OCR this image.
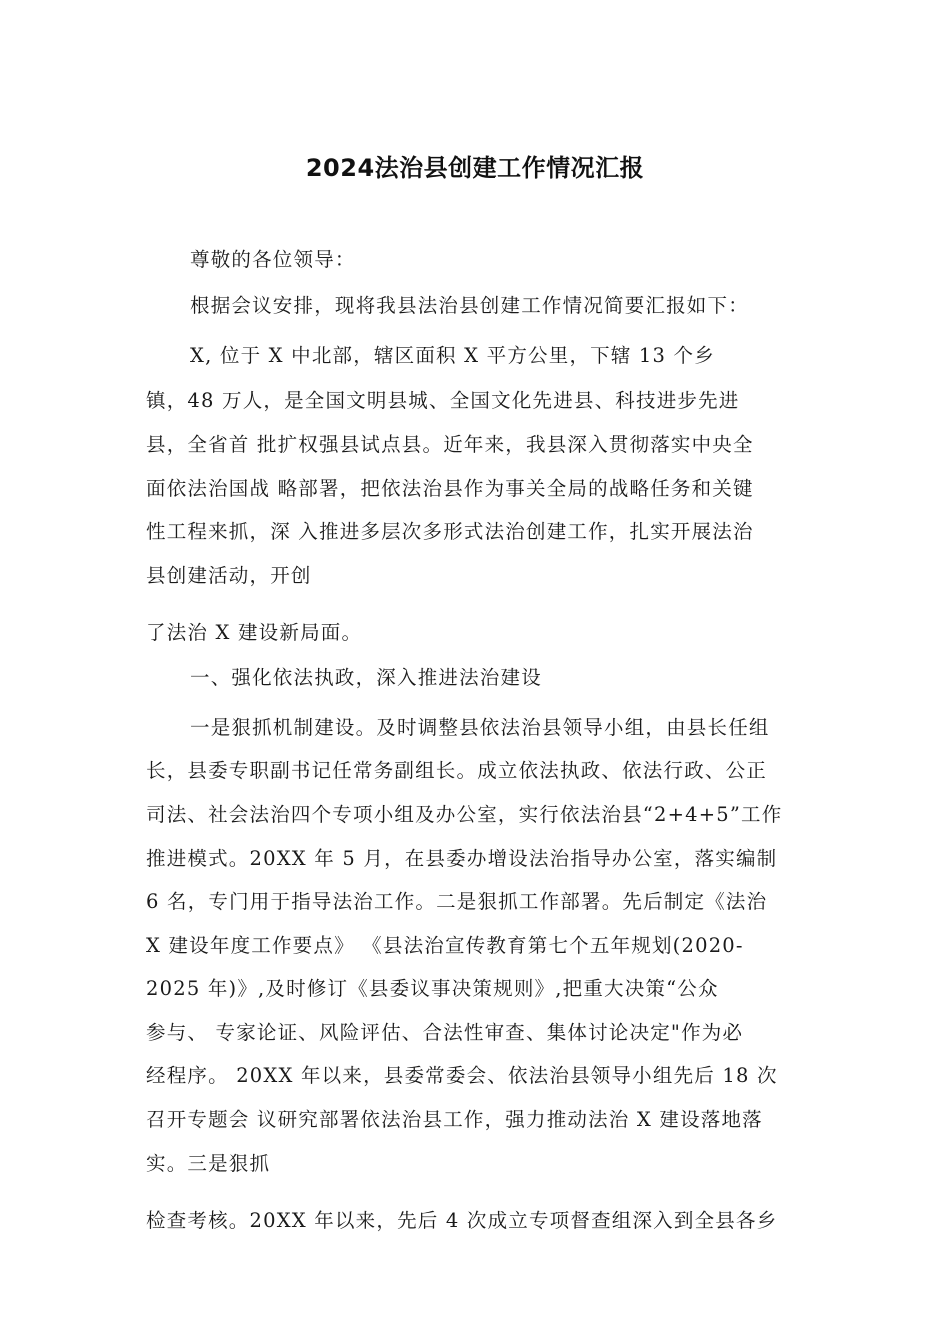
2024法治县创建工作情况汇报
尊敬的各位领导：
根据会议安排，现将我县法治县创建工作情况简要汇报如下：
X, 位于 X 中北部，辖区面积 X 平方公里，下辖 13 个乡
镇，48 万人，是全国文明县城、全国文化先进县、科技进步先进
县，全省首 批扩权强县试点县。近年来，我县深入贯彻落实中央全
面依法治国战 略部署，把依法治县作为事关全局的战略任务和关键
性工程来抓，深 入推进多层次多形式法治创建工作，扎实开展法治
县创建活动，开创
了法治 X 建设新局面。
一、强化依法执政，深入推进法治建设
一是狠抓机制建设。及时调整县依法治县领导小组，由县长任组
长，县委专职副书记任常务副组长。成立依法执政、依法行政、公正
司法、社会法治四个专项小组及办公室，实行依法治县“2+4+5”工作
推进模式。20XX 年 5 月，在县委办增设法治指导办公室，落实编制
6 名，专门用于指导法治工作。二是狠抓工作部署。先后制定《法治
X 建设年度工作要点》 《县法治宣传教育第七个五年规划(2020-
2025 年)》,及时修订《县委议事决策规则》,把重大决策“公众
参与、 专家论证、风险评估、合法性审查、集体讨论决定"作为必
经程序。 20XX 年以来，县委常委会、依法治县领导小组先后 18 次
召开专题会 议研究部署依法治县工作，强力推动法治 X 建设落地落
实。三是狠抓
检查考核。20XX 年以来，先后 4 次成立专项督查组深入到全县各乡
